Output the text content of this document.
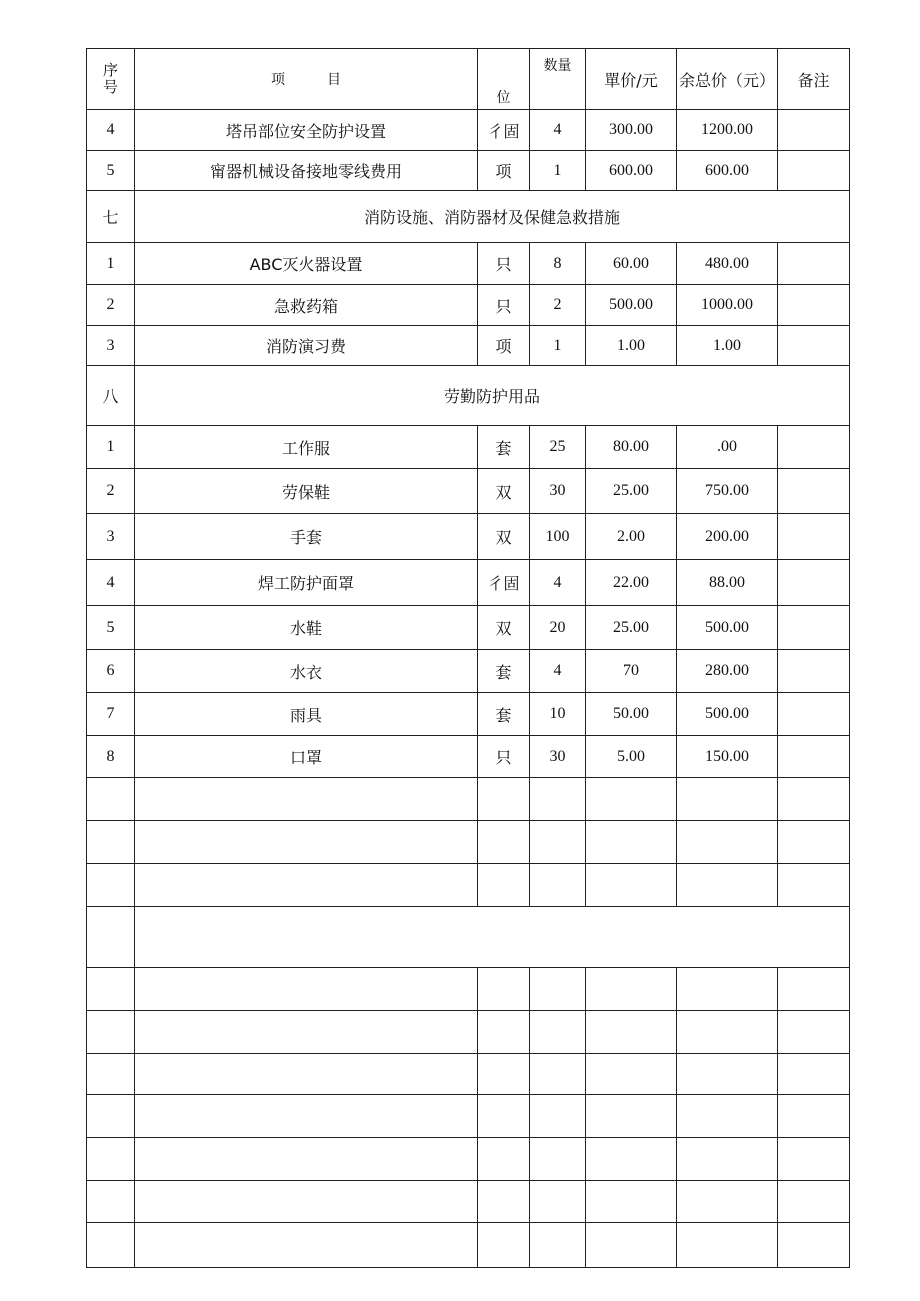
序号	项　　　目	位	数量	單价/元	余总价（元）	备注
4	塔吊部位安全防护设置	彳固	4	300.00	1200.00	
5	甯器机械设备接地零线费用	项	1	600.00	600.00	
七	消防设施、消防器材及保健急救措施					
1	ABC灭火器设置	只	8	60.00	480.00	
2	急救药箱	只	2	500.00	1000.00	
3	消防演习费	项	1	1.00	1.00	
八	劳勤防护用品					
1	工作服	套	25	80.00	.00	
2	劳保鞋	双	30	25.00	750.00	
3	手套	双	100	2.00	200.00	
4	焊工防护面罩	彳固	4	22.00	88.00	
5	水鞋	双	20	25.00	500.00	
6	水衣	套	4	70	280.00	
7	雨具	套	10	50.00	500.00	
8	口罩	只	30	5.00	150.00	
